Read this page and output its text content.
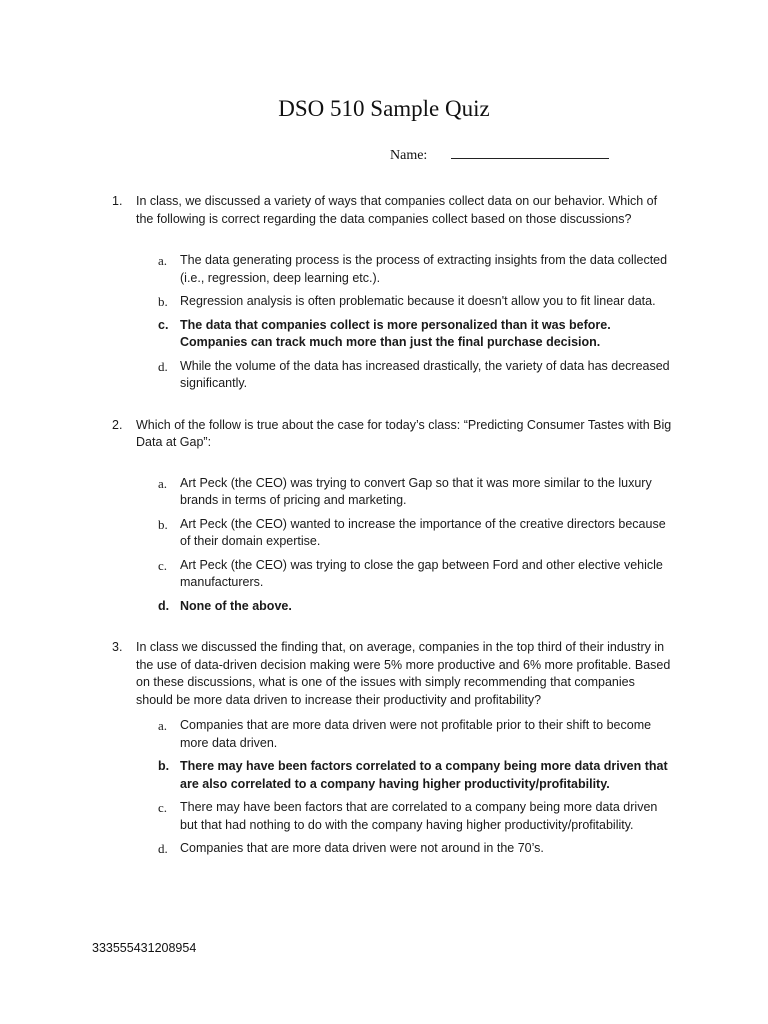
DSO 510 Sample Quiz
Name:
1. In class, we discussed a variety of ways that companies collect data on our behavior. Which of the following is correct regarding the data companies collect based on those discussions?
a. The data generating process is the process of extracting insights from the data collected (i.e., regression, deep learning etc.).
b. Regression analysis is often problematic because it doesn't allow you to fit linear data.
c. The data that companies collect is more personalized than it was before. Companies can track much more than just the final purchase decision.
d. While the volume of the data has increased drastically, the variety of data has decreased significantly.
2. Which of the follow is true about the case for today’s class: “Predicting Consumer Tastes with Big Data at Gap”:
a. Art Peck (the CEO) was trying to convert Gap so that it was more similar to the luxury brands in terms of pricing and marketing.
b. Art Peck (the CEO) wanted to increase the importance of the creative directors because of their domain expertise.
c. Art Peck (the CEO) was trying to close the gap between Ford and other elective vehicle manufacturers.
d. None of the above.
3. In class we discussed the finding that, on average, companies in the top third of their industry in the use of data-driven decision making were 5% more productive and 6% more profitable. Based on these discussions, what is one of the issues with simply recommending that companies should be more data driven to increase their productivity and profitability?
a. Companies that are more data driven were not profitable prior to their shift to become more data driven.
b. There may have been factors correlated to a company being more data driven that are also correlated to a company having higher productivity/profitability.
c. There may have been factors that are correlated to a company being more data driven but that had nothing to do with the company having higher productivity/profitability.
d. Companies that are more data driven were not around in the 70’s.
333555431208954
